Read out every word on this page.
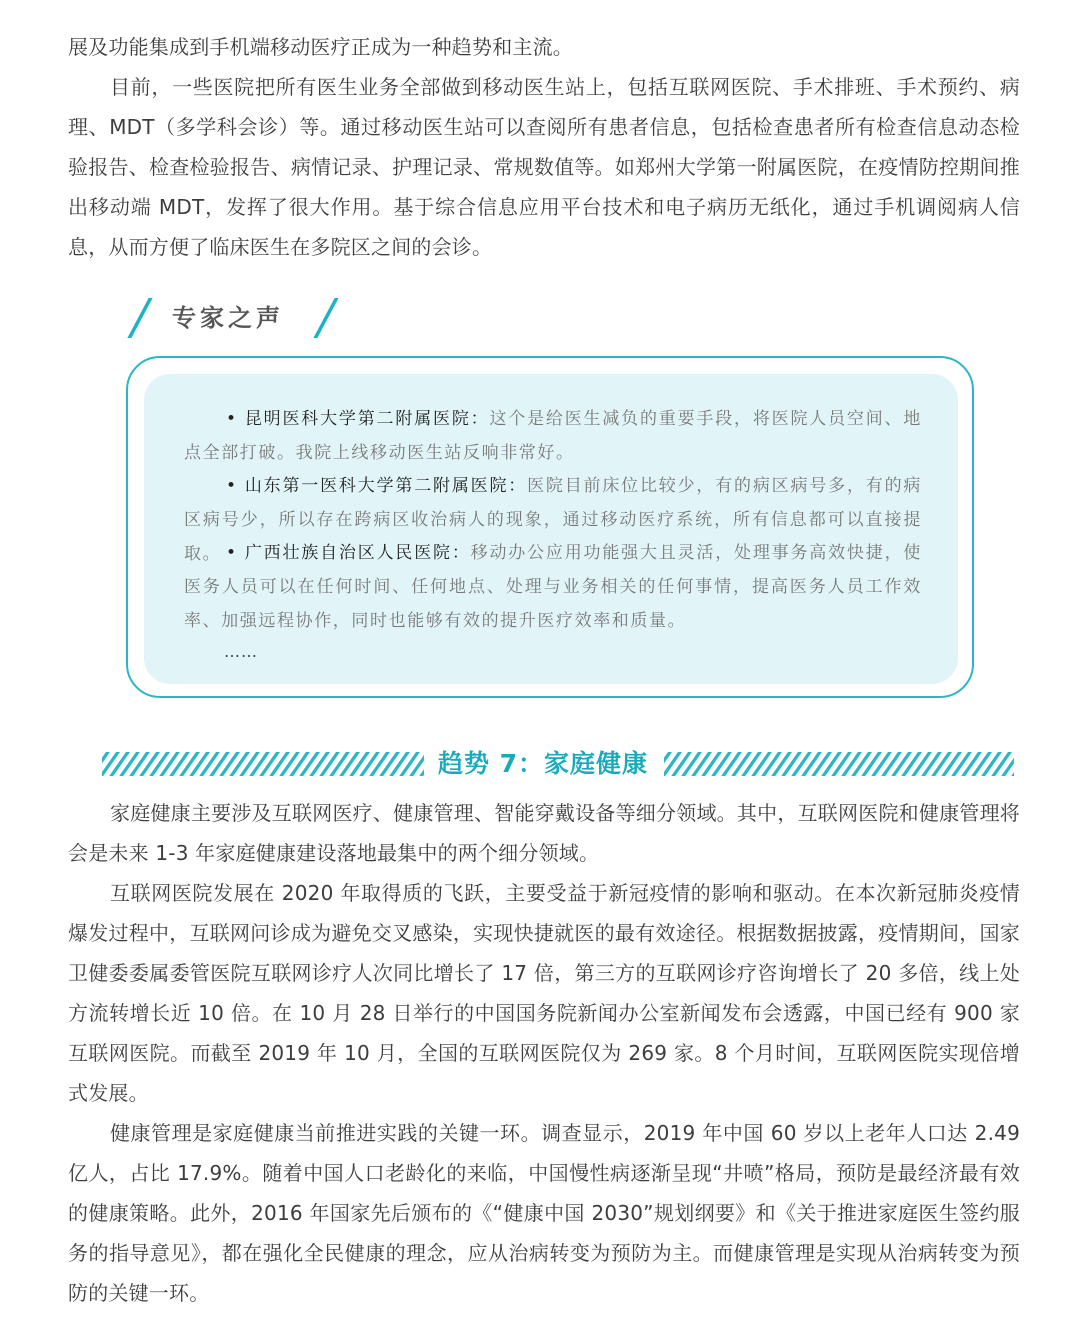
展及功能集成到手机端移动医疗正成为一种趋势和主流。

目前，一些医院把所有医生业务全部做到移动医生站上，包括互联网医院、手术排班、手术预约、病理、MDT（多学科会诊）等。通过移动医生站可以查阅所有患者信息，包括检查患者所有检查信息动态检验报告、检查检验报告、病情记录、护理记录、常规数值等。如郑州大学第一附属医院，在疫情防控期间推出移动端 MDT，发挥了很大作用。基于综合信息应用平台技术和电子病历无纸化，通过手机调阅病人信息，从而方便了临床医生在多院区之间的会诊。

专家之声

• 昆明医科大学第二附属医院：这个是给医生减负的重要手段，将医院人员空间、地点全部打破。我院上线移动医生站反响非常好。

• 山东第一医科大学第二附属医院：医院目前床位比较少，有的病区病号多，有的病区病号少，所以存在跨病区收治病人的现象，通过移动医疗系统，所有信息都可以直接提取。 • 广西壮族自治区人民医院：移动办公应用功能强大且灵活，处理事务高效快捷，使医务人员可以在任何时间、任何地点、处理与业务相关的任何事情，提高医务人员工作效率、加强远程协作，同时也能够有效的提升医疗效率和质量。

……
趋势 7：家庭健康

家庭健康主要涉及互联网医疗、健康管理、智能穿戴设备等细分领域。其中，互联网医院和健康管理将会是未来 1-3 年家庭健康建设落地最集中的两个细分领域。

互联网医院发展在 2020 年取得质的飞跃，主要受益于新冠疫情的影响和驱动。在本次新冠肺炎疫情爆发过程中，互联网问诊成为避免交叉感染，实现快捷就医的最有效途径。根据数据披露，疫情期间，国家卫健委委属委管医院互联网诊疗人次同比增长了 17 倍，第三方的互联网诊疗咨询增长了 20 多倍，线上处方流转增长近 10 倍。在 10 月 28 日举行的中国国务院新闻办公室新闻发布会透露，中国已经有 900 家互联网医院。而截至 2019 年 10 月，全国的互联网医院仅为 269 家。8 个月时间，互联网医院实现倍增式发展。

健康管理是家庭健康当前推进实践的关键一环。调查显示，2019 年中国 60 岁以上老年人口达 2.49 亿人，占比 17.9%。随着中国人口老龄化的来临，中国慢性病逐渐呈现“井喷”格局，预防是最经济最有效的健康策略。此外，2016 年国家先后颁布的《“健康中国 2030”规划纲要》和《关于推进家庭医生签约服务的指导意见》，都在强化全民健康的理念，应从治病转变为预防为主。而健康管理是实现从治病转变为预防的关键一环。
